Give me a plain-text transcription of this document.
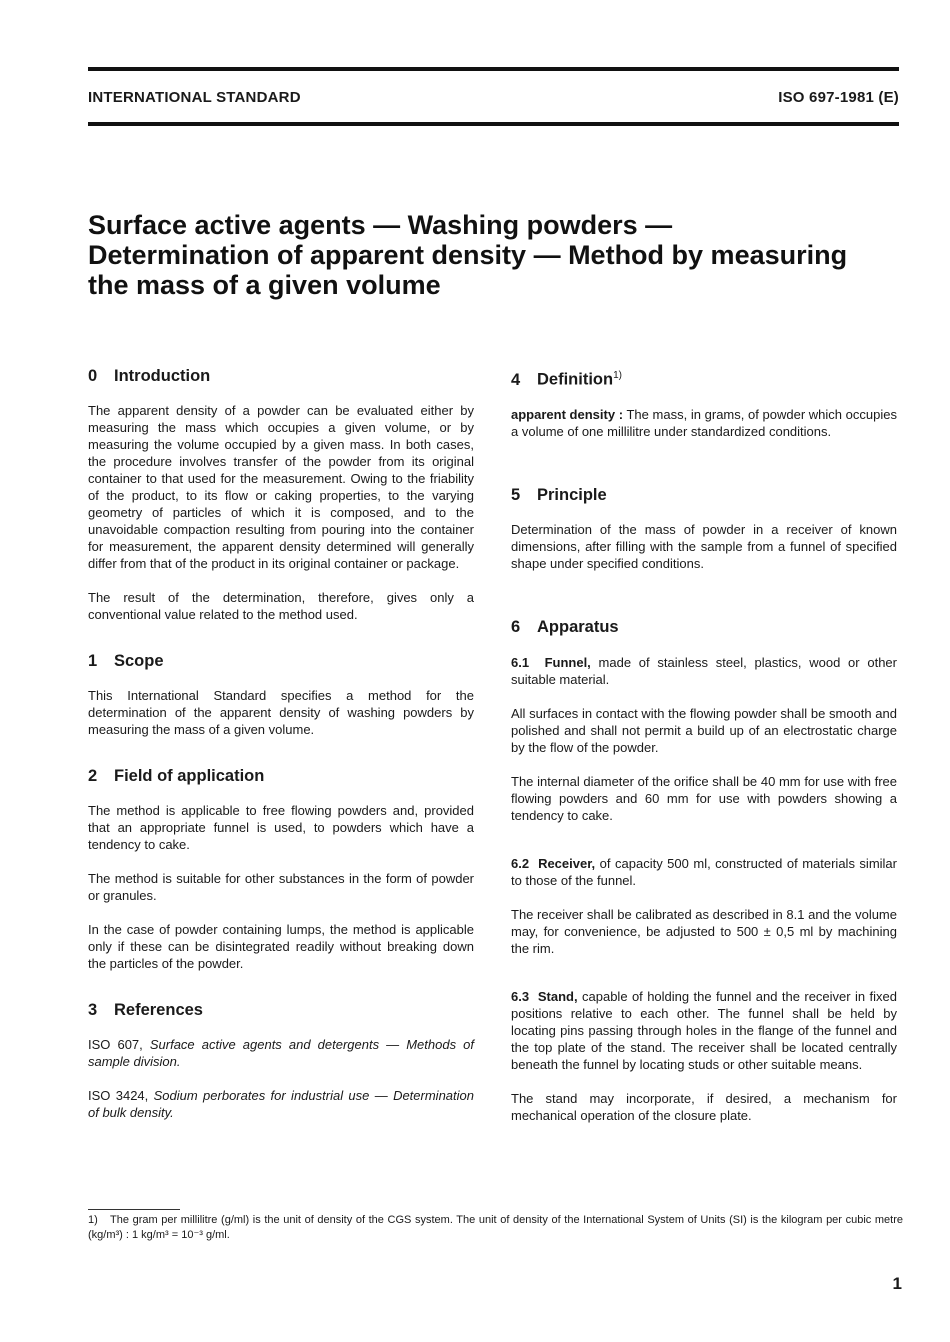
INTERNATIONAL STANDARD	ISO 697-1981 (E)
Surface active agents — Washing powders — Determination of apparent density — Method by measuring the mass of a given volume
0 Introduction

The apparent density of a powder can be evaluated either by measuring the mass which occupies a given volume, or by measuring the volume occupied by a given mass. In both cases, the procedure involves transfer of the powder from its original container to that used for the measurement. Owing to the friability of the product, to its flow or caking properties, to the varying geometry of particles of which it is composed, and to the unavoidable compaction resulting from pouring into the container for measurement, the apparent density determined will generally differ from that of the product in its original container or package.

The result of the determination, therefore, gives only a conventional value related to the method used.

1 Scope

This International Standard specifies a method for the determination of the apparent density of washing powders by measuring the mass of a given volume.

2 Field of application

The method is applicable to free flowing powders and, provided that an appropriate funnel is used, to powders which have a tendency to cake.

The method is suitable for other substances in the form of powder or granules.

In the case of powder containing lumps, the method is applicable only if these can be disintegrated readily without breaking down the particles of the powder.

3 References

ISO 607, Surface active agents and detergents — Methods of sample division.

ISO 3424, Sodium perborates for industrial use — Determination of bulk density.

4 Definition$^{1)}$

apparent density : The mass, in grams, of powder which occupies a volume of one millilitre under standardized conditions.

5 Principle

Determination of the mass of powder in a receiver of known dimensions, after filling with the sample from a funnel of specified shape under specified conditions.

6 Apparatus

6.1 Funnel, made of stainless steel, plastics, wood or other suitable material.

All surfaces in contact with the flowing powder shall be smooth and polished and shall not permit a build up of an electrostatic charge by the flow of the powder.

The internal diameter of the orifice shall be 40 mm for use with free flowing powders and 60 mm for use with powders showing a tendency to cake.

6.2 Receiver, of capacity 500 ml, constructed of materials similar to those of the funnel.

The receiver shall be calibrated as described in 8.1 and the volume may, for convenience, be adjusted to 500 ± 0,5 ml by machining the rim.

6.3 Stand, capable of holding the funnel and the receiver in fixed positions relative to each other. The funnel shall be held by locating pins passing through holes in the flange of the funnel and the top plate of the stand. The receiver shall be located centrally beneath the funnel by locating studs or other suitable means.

The stand may incorporate, if desired, a mechanism for mechanical operation of the closure plate.

1) The gram per millilitre (g/ml) is the unit of density of the CGS system. The unit of density of the International System of Units (SI) is the kilogram per cubic metre (kg/m³) : 1 kg/m³ = 10⁻³ g/ml.

1
